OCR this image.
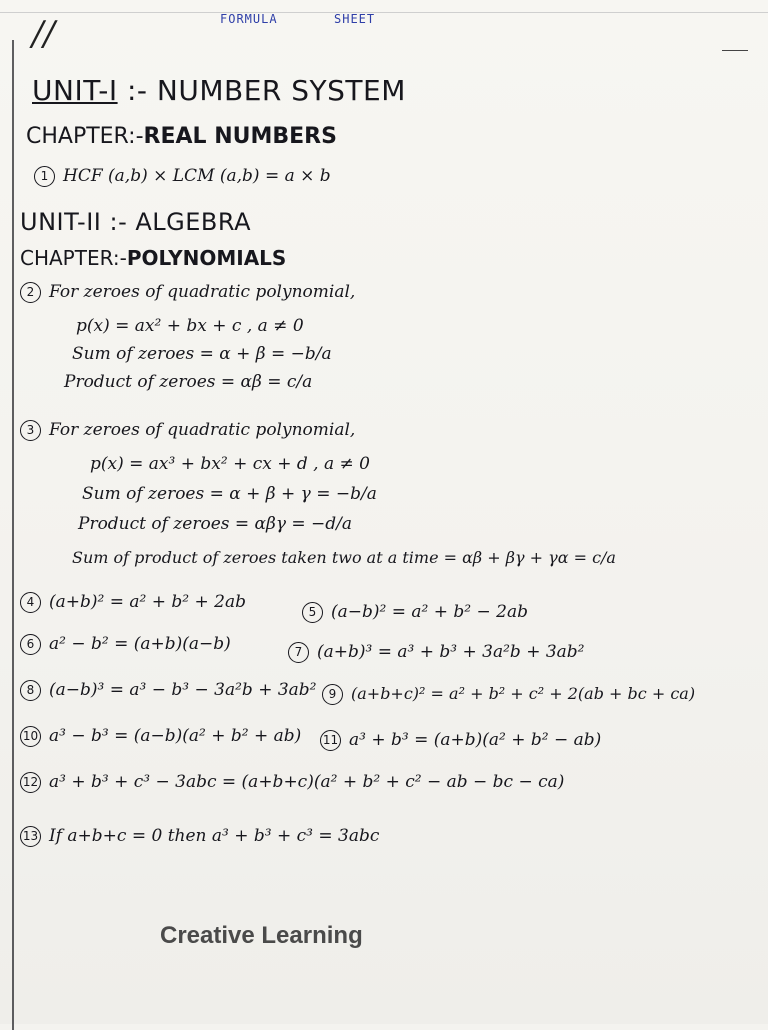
//	FORMULA	SHEET
UNIT-I :- NUMBER SYSTEM
CHAPTER:-REAL NUMBERS
1 HCF (a,b) × LCM (a,b) = a × b
UNIT-II :- ALGEBRA
CHAPTER:-POLYNOMIALS
2 For zeroes of quadratic polynomial,
p(x) = ax² + bx + c , a ≠ 0
Sum of zeroes = α + β = −b/a
Product of zeroes = αβ = c/a
3 For zeroes of quadratic polynomial,
p(x) = ax³ + bx² + cx + d , a ≠ 0
Sum of zeroes = α + β + γ = −b/a
Product of zeroes = αβγ = −d/a
Sum of product of zeroes taken two at a time = αβ + βγ + γα = c/a
4 (a+b)² = a² + b² + 2ab	5 (a−b)² = a² + b² − 2ab
6 a² − b² = (a+b)(a−b)	7 (a+b)³ = a³ + b³ + 3a²b + 3ab²
8 (a−b)³ = a³ − b³ − 3a²b + 3ab²	9 (a+b+c)² = a² + b² + c² + 2(ab + bc + ca)
10 a³ − b³ = (a−b)(a² + b² + ab) 11 a³ + b³ = (a+b)(a² + b² − ab)
12 a³ + b³ + c³ − 3abc = (a+b+c)(a² + b² + c² − ab − bc − ca)
13 If a+b+c = 0 then a³ + b³ + c³ = 3abc
Creative Learning
